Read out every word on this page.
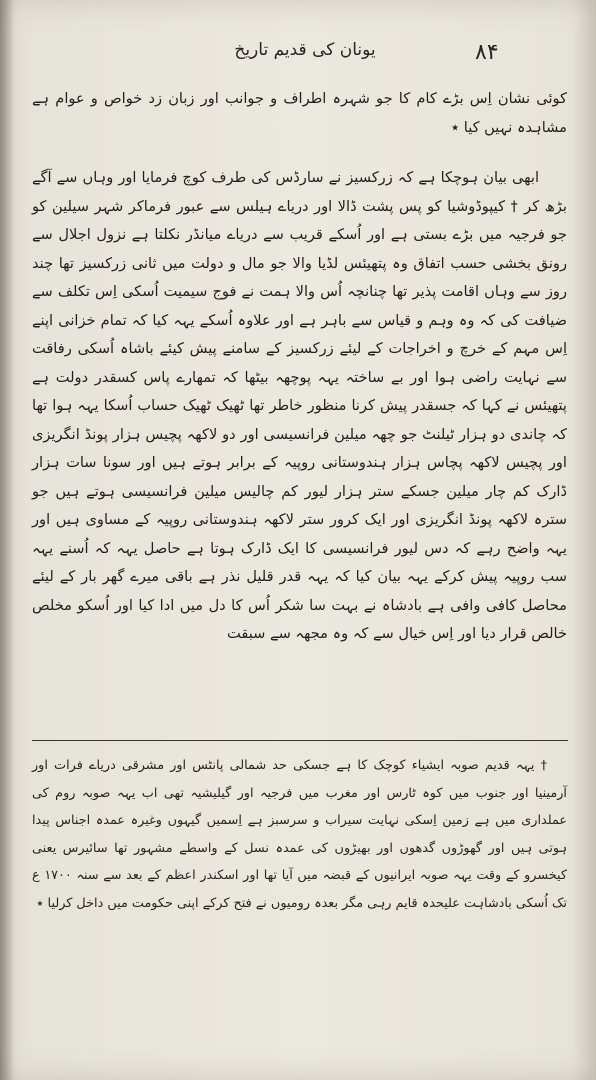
یونان کی قدیم تاریخ	۸۴

کوئی نشان اِس بڑے کام کا جو شہرہ اطراف و جوانب اور زبان زد خواص و عوام ہے مشاہدہ نہیں کیا ٭

ابھی بیان ہوچکا ہے کہ زرکسیز نے سارڈس کی طرف کوچ فرمایا اور وہاں سے آگے بڑھ کر † کیپوڈوشیا کو پس پشت ڈالا اور دریاے ہیلس سے عبور فرماکر شہر سیلین کو جو فرجیہ میں بڑے بستی ہے اور اُسکے قریب سے دریاے میانڈر نکلتا ہے نزول اجلال سے رونق بخشی حسب اتفاق وہ پتھیئس لڈیا والا جو مال و دولت میں ثانی زرکسیز تھا چند روز سے وہاں اقامت پذیر تھا چنانچہ اُس والا ہمت نے فوج سیمیت اُسکی اِس تکلف سے ضیافت کی کہ وہ وہم و قیاس سے باہر ہے اور علاوہ اُسکے یہہ کیا کہ تمام خزانی اپنے اِس مہم کے خرچ و اخراجات کے لیئے زرکسیز کے سامنے پیش کیئے باشاہ اُسکی رفاقت سے نہایت راضی ہوا اور بے ساختہ یہہ پوچھہ بیٹھا کہ تمھارے پاس کسقدر دولت ہے پتھیئس نے کہا کہ جسقدر پیش کرنا منظور خاطر تھا ٹھیک ٹھیک حساب اُسکا یہہ ہوا تھا کہ چاندی دو ہزار ٹیلنٹ جو چھہ میلین فرانسیسی اور دو لاکھہ پچیس ہزار پونڈ انگریزی اور پچیس لاکھہ پچاس ہزار ہندوستانی روپیہ کے برابر ہوتے ہیں اور سونا سات ہزار ڈارک کم چار میلین جسکے ستر ہزار لیور کم چالیس میلین فرانسیسی ہوتے ہیں جو سترہ لاکھہ پونڈ انگریزی اور ایک کرور ستر لاکھہ ہندوستانی روپیہ کے مساوی ہیں اور یہہ واضح رہے کہ دس لیور فرانسیسی کا ایک ڈارک ہوتا ہے حاصل یہہ کہ اُسنے یہہ سب روپیہ پیش کرکے یہہ بیان کیا کہ یہہ قدر قلیل نذر ہے باقی میرے گھر بار کے لیئے محاصل کافی وافی ہے بادشاہ نے بہت سا شکر اُس کا دل میں ادا کیا اور اُسکو مخلص خالص قرار دیا اور اِس خیال سے کہ وہ مجھہ سے سبقت

† یہہ قدیم صوبہ ایشیاء کوچک کا ہے جسکی حد شمالی پانٹس اور مشرقی دریاے فرات اور آرمینیا اور جنوب میں کوہ ٹارس اور مغرب میں فرجیہ اور گیلیشیہ تھی اب یہہ صوبہ روم کی عملداری میں ہے زمین اِسکی نہایت سیراب و سرسبز ہے اِسمیں گیہوں وغیرہ عمدہ اجناس پیدا ہوتی ہیں اور گھوڑوں گدھوں اور بھیڑوں کی عمدہ نسل کے واسطے مشہور تھا سائیرس یعنی کیخسرو کے وقت یہہ صوبہ ایرانیوں کے قبضہ میں آیا تھا اور اسکندر اعظم کے بعد سے سنہ ۱۷۰۰ ع تک اُسکی بادشاہت علیحدہ قایم رہی مگر بعدہ رومیوں نے فتح کرکے اپنی حکومت میں داخل کرلیا ٭
